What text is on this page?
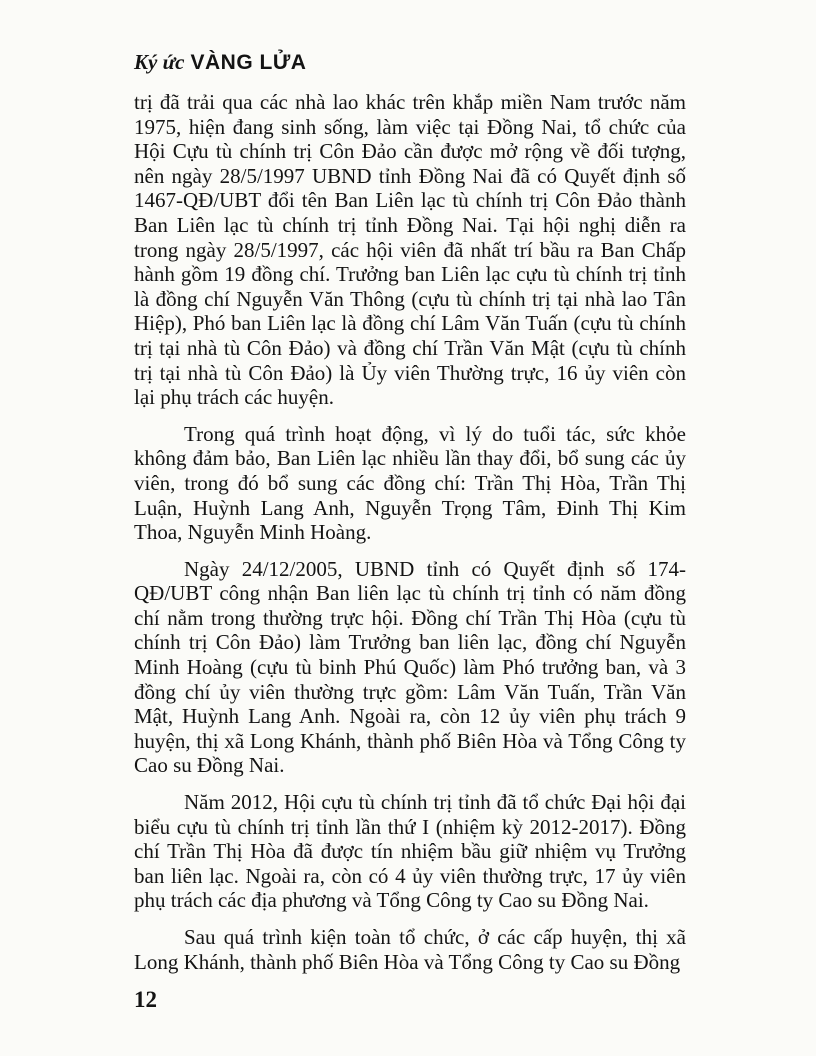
Ký ức VÀNG LỬA

trị đã trải qua các nhà lao khác trên khắp miền Nam trước năm 1975, hiện đang sinh sống, làm việc tại Đồng Nai, tổ chức của Hội Cựu tù chính trị Côn Đảo cần được mở rộng về đối tượng, nên ngày 28/5/1997 UBND tỉnh Đồng Nai đã có Quyết định số 1467-QĐ/UBT đổi tên Ban Liên lạc tù chính trị Côn Đảo thành Ban Liên lạc tù chính trị tỉnh Đồng Nai. Tại hội nghị diễn ra trong ngày 28/5/1997, các hội viên đã nhất trí bầu ra Ban Chấp hành gồm 19 đồng chí. Trưởng ban Liên lạc cựu tù chính trị tỉnh là đồng chí Nguyễn Văn Thông (cựu tù chính trị tại nhà lao Tân Hiệp), Phó ban Liên lạc là đồng chí Lâm Văn Tuấn (cựu tù chính trị tại nhà tù Côn Đảo) và đồng chí Trần Văn Mật (cựu tù chính trị tại nhà tù Côn Đảo) là Ủy viên Thường trực, 16 ủy viên còn lại phụ trách các huyện.

Trong quá trình hoạt động, vì lý do tuổi tác, sức khỏe không đảm bảo, Ban Liên lạc nhiều lần thay đổi, bổ sung các ủy viên, trong đó bổ sung các đồng chí: Trần Thị Hòa, Trần Thị Luận, Huỳnh Lang Anh, Nguyễn Trọng Tâm, Đinh Thị Kim Thoa, Nguyễn Minh Hoàng.

Ngày 24/12/2005, UBND tỉnh có Quyết định số 174-QĐ/UBT công nhận Ban liên lạc tù chính trị tỉnh có năm đồng chí nằm trong thường trực hội. Đồng chí Trần Thị Hòa (cựu tù chính trị Côn Đảo) làm Trưởng ban liên lạc, đồng chí Nguyễn Minh Hoàng (cựu tù binh Phú Quốc) làm Phó trưởng ban, và 3 đồng chí ủy viên thường trực gồm: Lâm Văn Tuấn, Trần Văn Mật, Huỳnh Lang Anh. Ngoài ra, còn 12 ủy viên phụ trách 9 huyện, thị xã Long Khánh, thành phố Biên Hòa và Tổng Công ty Cao su Đồng Nai.

Năm 2012, Hội cựu tù chính trị tỉnh đã tổ chức Đại hội đại biểu cựu tù chính trị tỉnh lần thứ I (nhiệm kỳ 2012-2017). Đồng chí Trần Thị Hòa đã được tín nhiệm bầu giữ nhiệm vụ Trưởng ban liên lạc. Ngoài ra, còn có 4 ủy viên thường trực, 17 ủy viên phụ trách các địa phương và Tổng Công ty Cao su Đồng Nai.

Sau quá trình kiện toàn tổ chức, ở các cấp huyện, thị xã Long Khánh, thành phố Biên Hòa và Tổng Công ty Cao su Đồng

12
